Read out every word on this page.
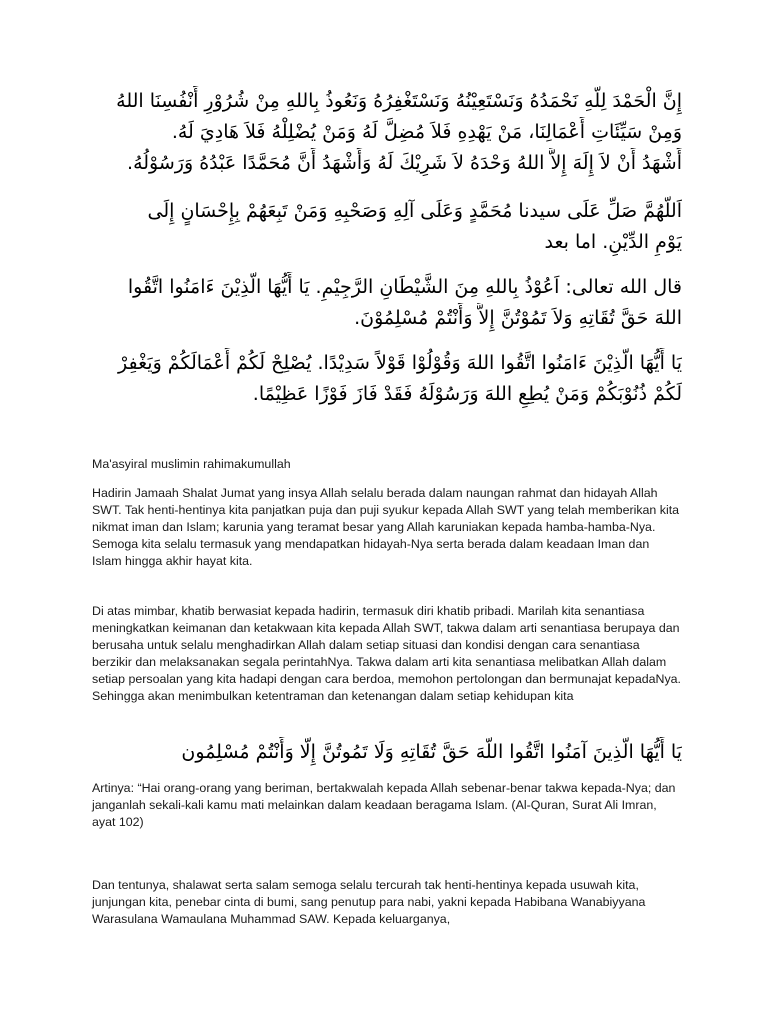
إِنَّ الْحَمْدَ لِلَّهِ نَحْمَدُهُ وَنَسْتَعِيْنُهُ وَنَسْتَغْفِرُهُ وَنَعُوذُ بِاللهِ مِنْ شُرُوْرِ أَنْفُسِنَا اللهُ
وَمِنْ سَيِّئَاتِ أَعْمَالِنَا، مَنْ يَهْدِهِ فَلاَ مُضِلَّ لَهُ وَمَنْ يُضْلِلْهُ فَلاَ هَادِيَ لَهُ.
أَشْهَدُ أَنْ لاَ إِلَهَ إِلاَّ اللهُ وَحْدَهُ لاَ شَرِيْكَ لَهُ وَأَشْهَدُ أَنَّ مُحَمَّدًا عَبْدُهُ وَرَسُوْلُهُ.
اَللَّهُمَّ صَلِّ عَلَى سيدنا مُحَمَّدٍ وَعَلَى آلِهِ وَصَحْبِهِ وَمَنْ تَبِعَهُمْ بِإِحْسَانٍ إِلَى
يَوْمِ الدِّيْنِ. اما بعد
قال الله تعالى: اَعُوْذُ بِاللهِ مِنَ الشَّيْطَانِ الرَّجِيْمِ. يَا أَيُّهَا الَّذِيْنَ ءَامَنُوا اتَّقُوا
اللهَ حَقَّ تُقَاتِهِ وَلاَ تَمُوْتُنَّ إِلاَّ وَأَنْتُمْ مُسْلِمُوْنَ.
يَا أَيُّهَا الَّذِيْنَ ءَامَنُوا اتَّقُوا اللهَ وَقُوْلُوْا قَوْلاً سَدِيْدًا. يُصْلِحْ لَكُمْ أَعْمَالَكُمْ وَيَغْفِرْ
لَكُمْ ذُنُوْبَكُمْ وَمَنْ يُطِعِ اللهَ وَرَسُوْلَهُ فَقَدْ فَازَ فَوْزًا عَظِيْمًا.

Ma'asyiral muslimin rahimakumullah

Hadirin Jamaah Shalat Jumat yang insya Allah selalu berada dalam naungan rahmat dan hidayah Allah SWT. Tak henti-hentinya kita panjatkan puja dan puji syukur kepada Allah SWT yang telah memberikan kita nikmat iman dan Islam; karunia yang teramat besar yang Allah karuniakan kepada hamba-hamba-Nya. Semoga kita selalu termasuk yang mendapatkan hidayah-Nya serta berada dalam keadaan Iman dan Islam hingga akhir hayat kita.

Di atas mimbar, khatib berwasiat kepada hadirin, termasuk diri khatib pribadi. Marilah kita senantiasa meningkatkan keimanan dan ketakwaan kita kepada Allah SWT, takwa dalam arti senantiasa berupaya dan berusaha untuk selalu menghadirkan Allah dalam setiap situasi dan kondisi dengan cara senantiasa berzikir dan melaksanakan segala perintahNya. Takwa dalam arti kita senantiasa melibatkan Allah dalam setiap persoalan yang kita hadapi dengan cara berdoa, memohon pertolongan dan bermunajat kepadaNya. Sehingga akan menimbulkan ketentraman dan ketenangan dalam setiap kehidupan kita

يَا أَيُّهَا الَّذِينَ آمَنُوا اتَّقُوا اللَّهَ حَقَّ تُقَاتِهِ وَلَا تَمُوتُنَّ إِلَّا وَأَنْتُمْ مُسْلِمُون

Artinya: “Hai orang-orang yang beriman, bertakwalah kepada Allah sebenar-benar takwa kepada-Nya; dan janganlah sekali-kali kamu mati melainkan dalam keadaan beragama Islam. (Al-Quran, Surat Ali Imran, ayat 102)

Dan tentunya, shalawat serta salam semoga selalu tercurah tak henti-hentinya kepada usuwah kita, junjungan kita, penebar cinta di bumi, sang penutup para nabi, yakni kepada Habibana Wanabiyyana Warasulana Wamaulana Muhammad SAW. Kepada keluarganya,
